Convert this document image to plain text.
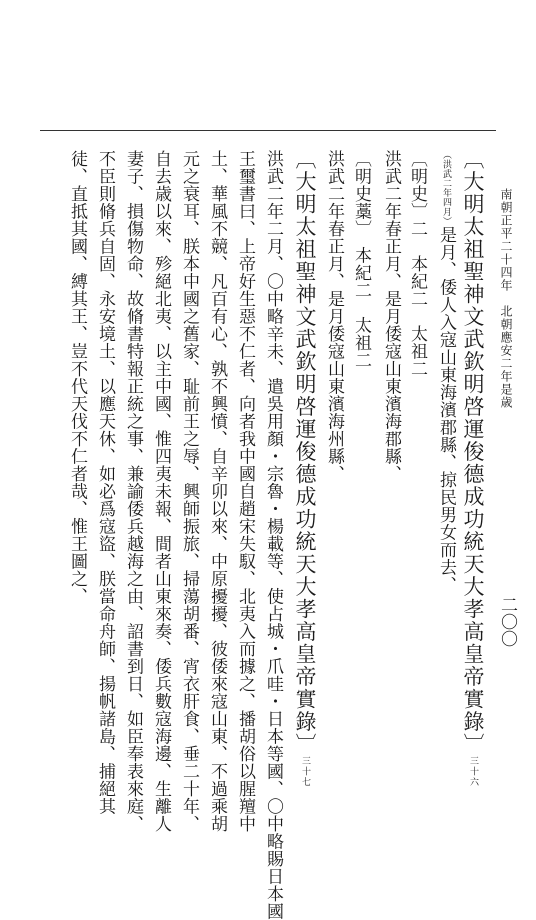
南朝正平二十四年　北朝應安二年是歳
二〇〇
〔大明太祖聖神文武欽明啓運俊德成功統天大孝高皇帝實錄〕三十六
（洪武二年四月）是月、倭人入寇山東海濱郡縣、掠民男女而去、
〔明史〕二　本紀二　太祖二
洪武二年春正月、是月倭寇山東濱海郡縣、
〔明史藁〕　本紀二　太祖二
洪武二年春正月、是月倭寇山東濱海州縣、
〔大明太祖聖神文武欽明啓運俊德成功統天大孝高皇帝實錄〕三十七
洪武二年二月、〇中略辛未、遣吳用顏・宗魯・楊載等、使占城・爪哇・日本等國、〇中略賜日本國
王璽書曰、上帝好生惡不仁者、向者我中國自趙宋失馭、北夷入而據之、播胡俗以腥羶中
土、華風不競、凡百有心、孰不興憤、自辛卯以來、中原擾擾、彼倭來寇山東、不過乘胡
元之衰耳、朕本中國之舊家、耻前王之辱、興師振旅、掃蕩胡番、宵衣肝食、垂二十年、
自去歳以來、殄絕北夷、以主中國、惟四夷未報、間者山東來奏、倭兵數寇海邊、生離人
妻子、損傷物命、故脩書特報正統之事、兼諭倭兵越海之由、詔書到日、如臣奉表來庭、
不臣則脩兵自固、永安境土、以應天休、如必爲寇盜、朕當命舟師、揚帆諸島、捕絕其
徒、直抵其國、縛其王、豈不代天伐不仁者哉、惟王圖之、
